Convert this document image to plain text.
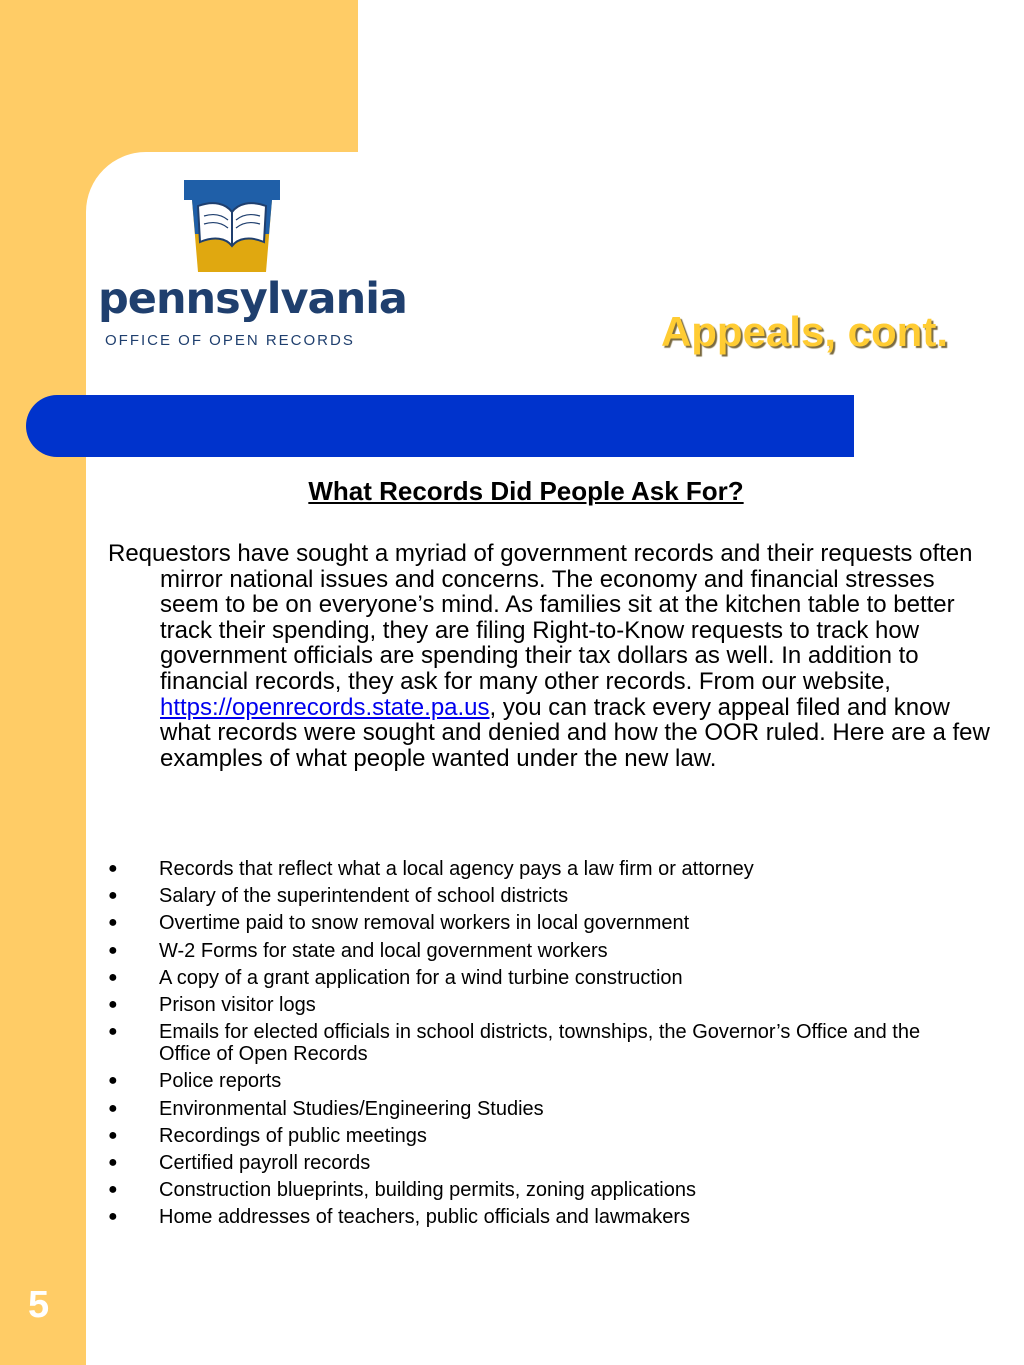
pennsylvania
OFFICE OF OPEN RECORDS	Appeals, cont.
What Records Did People Ask For?
Requestors have sought a myriad of government records and their requests often mirror national issues and concerns. The economy and financial stresses seem to be on everyone’s mind. As families sit at the kitchen table to better track their spending, they are filing Right-to-Know requests to track how government officials are spending their tax dollars as well. In addition to financial records, they ask for many other records. From our website, https://openrecords.state.pa.us, you can track every appeal filed and know what records were sought and denied and how the OOR ruled. Here are a few examples of what people wanted under the new law.
● Records that reflect what a local agency pays a law firm or attorney
● Salary of the superintendent of school districts
● Overtime paid to snow removal workers in local government
● W-2 Forms for state and local government workers
● A copy of a grant application for a wind turbine construction
● Prison visitor logs
● Emails for elected officials in school districts, townships, the Governor’s Office and the Office of Open Records
● Police reports
● Environmental Studies/Engineering Studies
● Recordings of public meetings
● Certified payroll records
● Construction blueprints, building permits, zoning applications
● Home addresses of teachers, public officials and lawmakers
5
